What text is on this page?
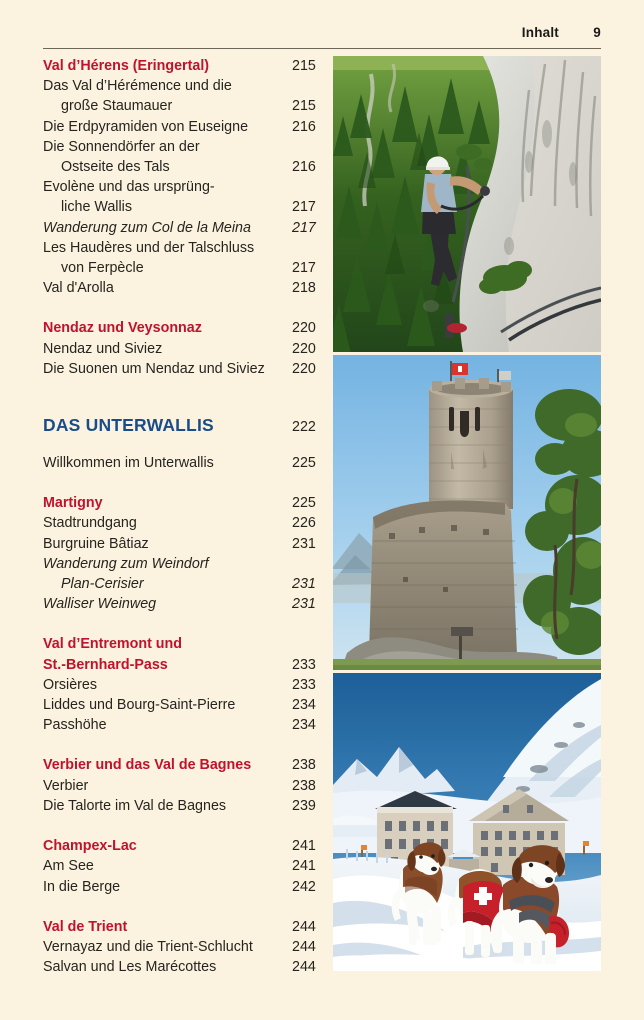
Inhalt	9
Val d’Hérens (Eringertal)	215
Das Val d’Hérémence und die
große Staumauer	215
Die Erdpyramiden von Euseigne	216
Die Sonnendörfer an der
Ostseite des Tals	216
Evolène und das ursprüng-
liche Wallis	217
Wanderung zum Col de la Meina	217
Les Haudères und der Talschluss
von Ferpècle	217
Val d'Arolla	218
Nendaz und Veysonnaz	220
Nendaz und Siviez	220
Die Suonen um Nendaz und Siviez	220
DAS UNTERWALLIS	222
Willkommen im Unterwallis	225
Martigny	225
Stadtrundgang	226
Burgruine Bâtiaz	231
Wanderung zum Weindorf
Plan-Cerisier	231
Walliser Weinweg	231
Val d’Entremont und
St.-Bernhard-Pass	233
Orsières	233
Liddes und Bourg-Saint-Pierre	234
Passhöhe	234
Verbier und das Val de Bagnes	238
Verbier	238
Die Talorte im Val de Bagnes	239
Champex-Lac	241
Am See	241
In die Berge	242
Val de Trient	244
Vernayaz und die Trient-Schlucht	244
Salvan und Les Marécottes	244
